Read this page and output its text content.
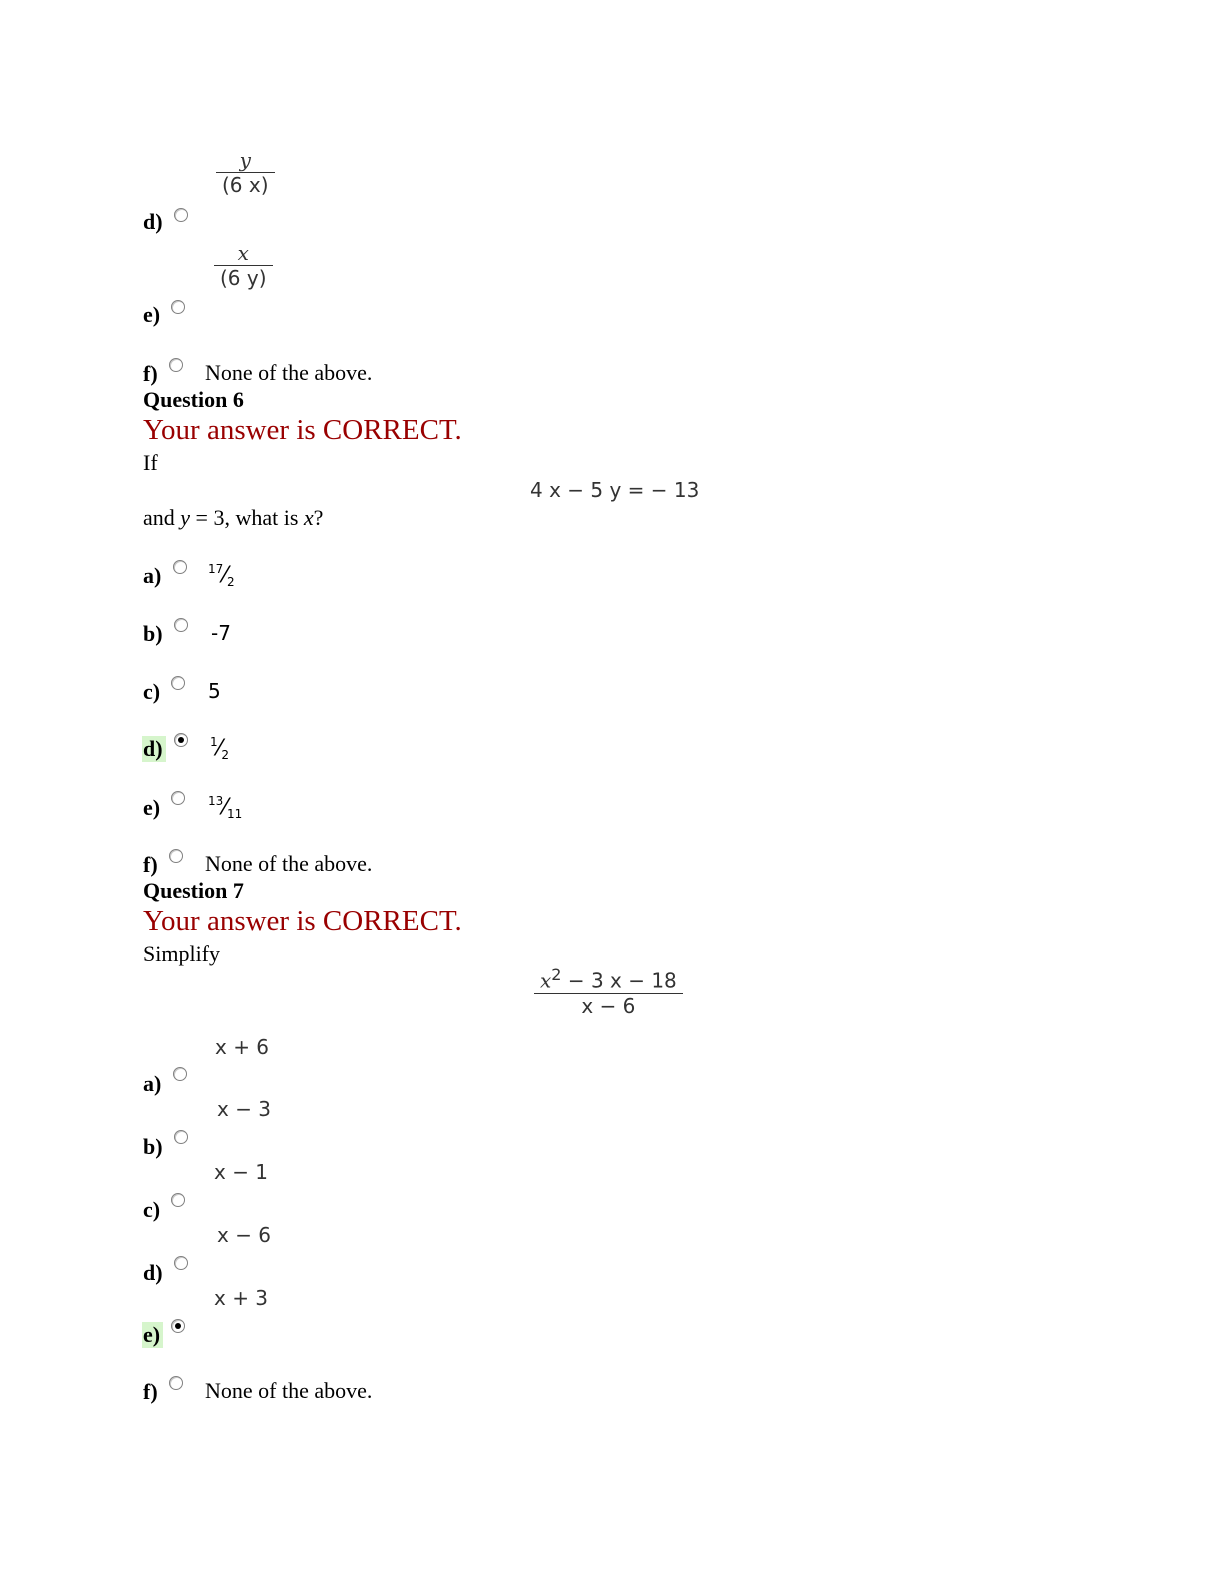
$\frac{y}{(6 x)}$
d)
$\frac{x}{(6 y)}$
e)
f) None of the above.
Question 6
Your answer is CORRECT.
If
4 x − 5 y = − 13
and y = 3, what is x?
a)	$^{17}⁄_2$
b) -7
c) 5
d)	$^1⁄_2$
e)	$^{13}⁄_{11}$
f) None of the above.
Question 7
Your answer is CORRECT.
Simplify
$\frac{x^2 - 3 x - 18}{x - 6}$
x + 6
a)
x − 3
b)
x − 1
c)
x − 6
d)
x + 3
e)
f) None of the above.
